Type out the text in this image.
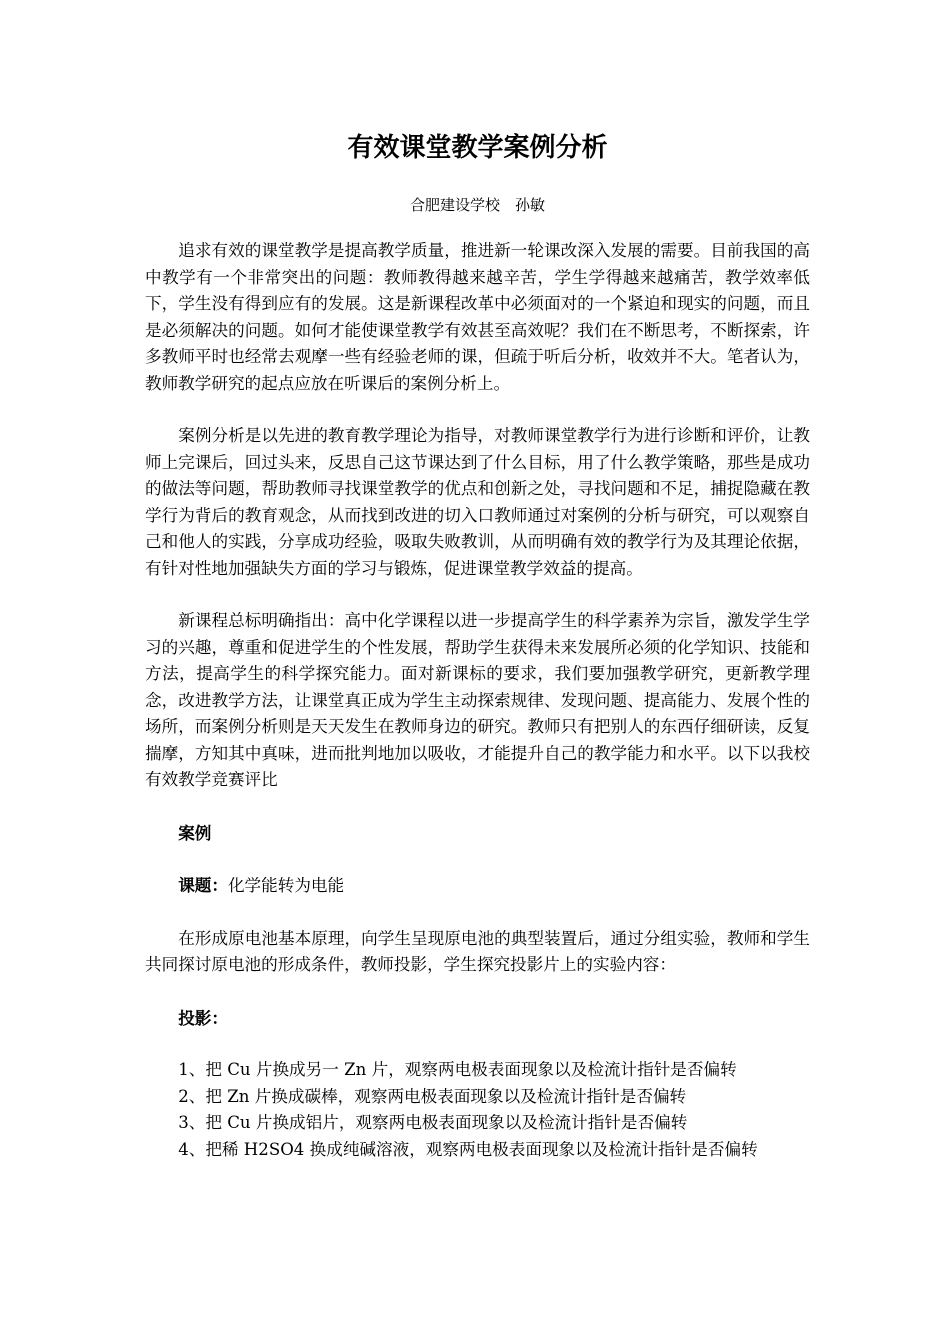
有效课堂教学案例分析
合肥建设学校　孙敏

追求有效的课堂教学是提高教学质量，推进新一轮课改深入发展的需要。目前我国的高中教学有一个非常突出的问题：教师教得越来越辛苦，学生学得越来越痛苦，教学效率低下，学生没有得到应有的发展。这是新课程改革中必须面对的一个紧迫和现实的问题，而且是必须解决的问题。如何才能使课堂教学有效甚至高效呢？我们在不断思考，不断探索，许多教师平时也经常去观摩一些有经验老师的课，但疏于听后分析，收效并不大。笔者认为，教师教学研究的起点应放在听课后的案例分析上。

案例分析是以先进的教育教学理论为指导，对教师课堂教学行为进行诊断和评价，让教师上完课后，回过头来，反思自己这节课达到了什么目标，用了什么教学策略，那些是成功的做法等问题，帮助教师寻找课堂教学的优点和创新之处，寻找问题和不足，捕捉隐藏在教学行为背后的教育观念，从而找到改进的切入口教师通过对案例的分析与研究，可以观察自己和他人的实践，分享成功经验，吸取失败教训，从而明确有效的教学行为及其理论依据，有针对性地加强缺失方面的学习与锻炼，促进课堂教学效益的提高。

新课程总标明确指出：高中化学课程以进一步提高学生的科学素养为宗旨，激发学生学习的兴趣，尊重和促进学生的个性发展，帮助学生获得未来发展所必须的化学知识、技能和方法，提高学生的科学探究能力。面对新课标的要求，我们要加强教学研究，更新教学理念，改进教学方法，让课堂真正成为学生主动探索规律、发现问题、提高能力、发展个性的场所，而案例分析则是天天发生在教师身边的研究。教师只有把别人的东西仔细研读，反复揣摩，方知其中真味，进而批判地加以吸收，才能提升自己的教学能力和水平。以下以我校有效教学竞赛评比

案例

课题：化学能转为电能

在形成原电池基本原理，向学生呈现原电池的典型装置后，通过分组实验，教师和学生共同探讨原电池的形成条件，教师投影，学生探究投影片上的实验内容：

投影：

1、把 Cu 片换成另一 Zn 片，观察两电极表面现象以及检流计指针是否偏转

2、把 Zn 片换成碳棒，观察两电极表面现象以及检流计指针是否偏转

3、把 Cu 片换成铝片，观察两电极表面现象以及检流计指针是否偏转

4、把稀 H2SO4 换成纯碱溶液，观察两电极表面现象以及检流计指针是否偏转
